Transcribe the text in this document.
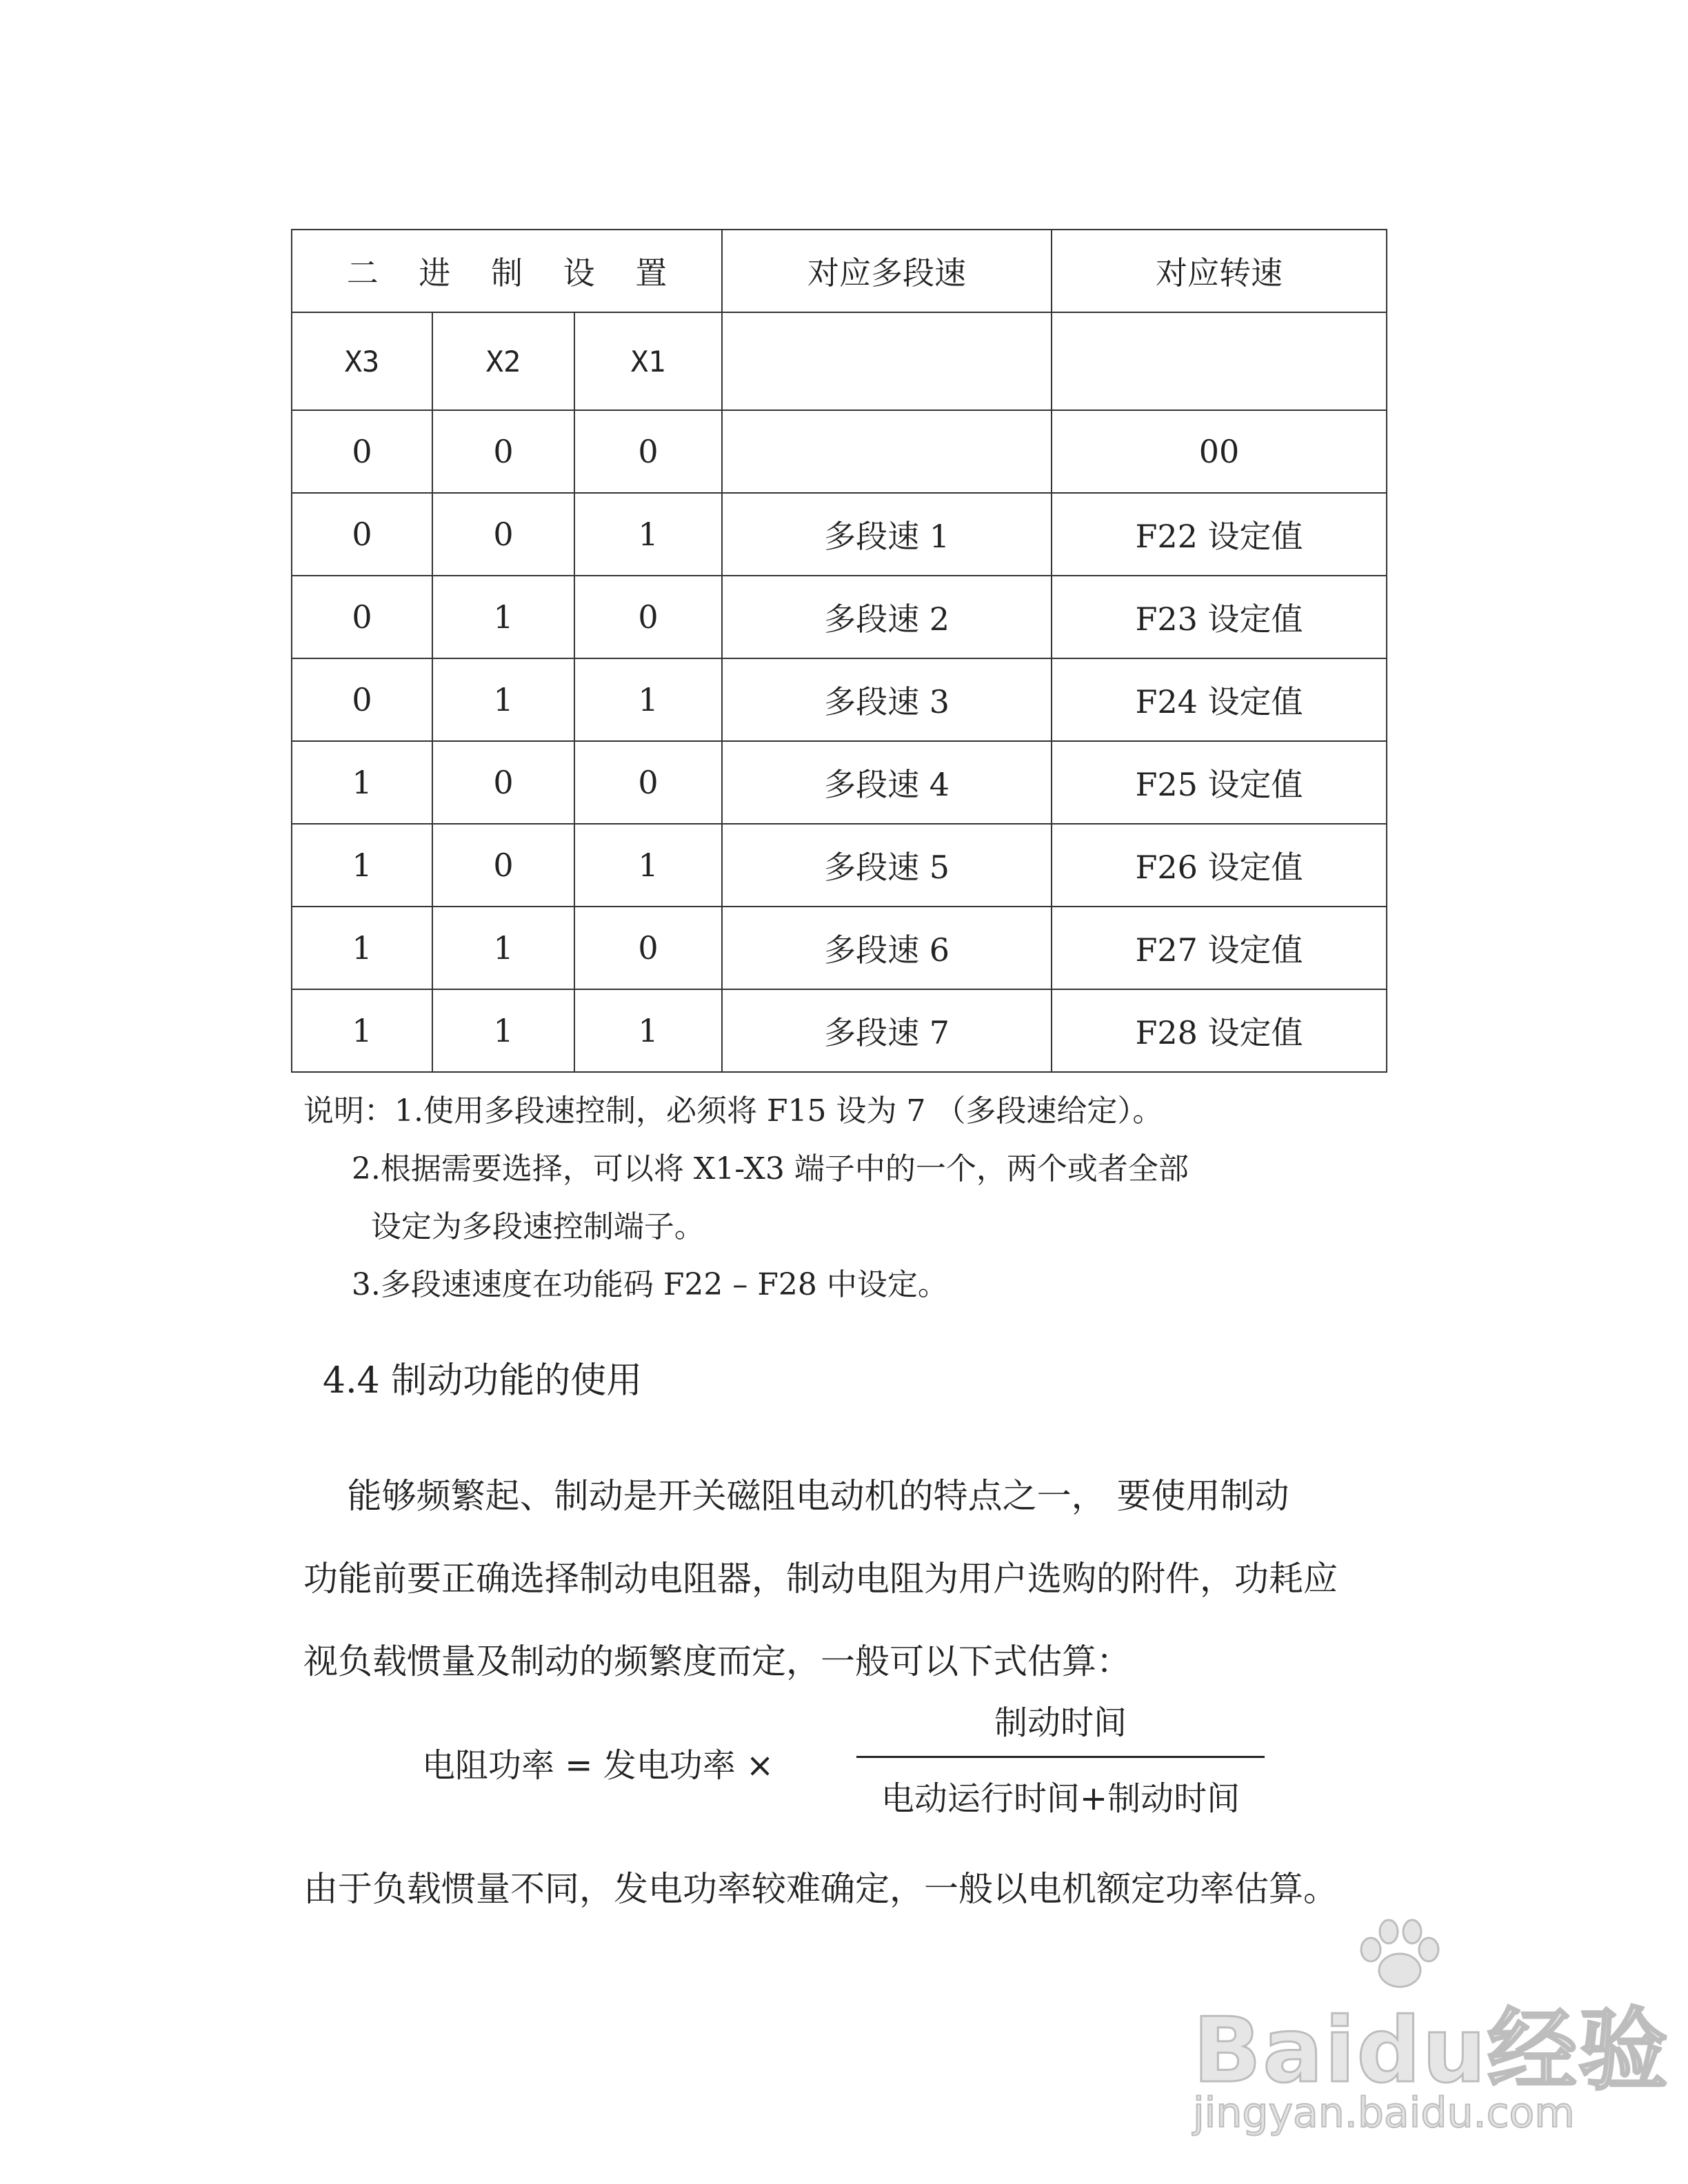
二 进 制 设 置			对应多段速	对应转速
X3	X2	X1		
0	0	0		00
0	0	1	多段速 1	F22 设定值
0	1	0	多段速 2	F23 设定值
0	1	1	多段速 3	F24 设定值
1	0	0	多段速 4	F25 设定值
1	0	1	多段速 5	F26 设定值
1	1	0	多段速 6	F27 设定值
1	1	1	多段速 7	F28 设定值
说明：1.使用多段速控制，必须将 F15 设为 7 （多段速给定）。
2.根据需要选择，可以将 X1-X3 端子中的一个，两个或者全部
设定为多段速控制端子。
3.多段速速度在功能码 F22 – F28 中设定。
4.4 制动功能的使用
能够频繁起、制动是开关磁阻电动机的特点之一， 要使用制动
功能前要正确选择制动电阻器，制动电阻为用户选购的附件，功耗应
视负载惯量及制动的频繁度而定，一般可以下式估算：
电阻功率 = 发电功率 ×
制动时间
电动运行时间+制动时间
由于负载惯量不同，发电功率较难确定，一般以电机额定功率估算。
Baidu经验
jingyan.baidu.com
